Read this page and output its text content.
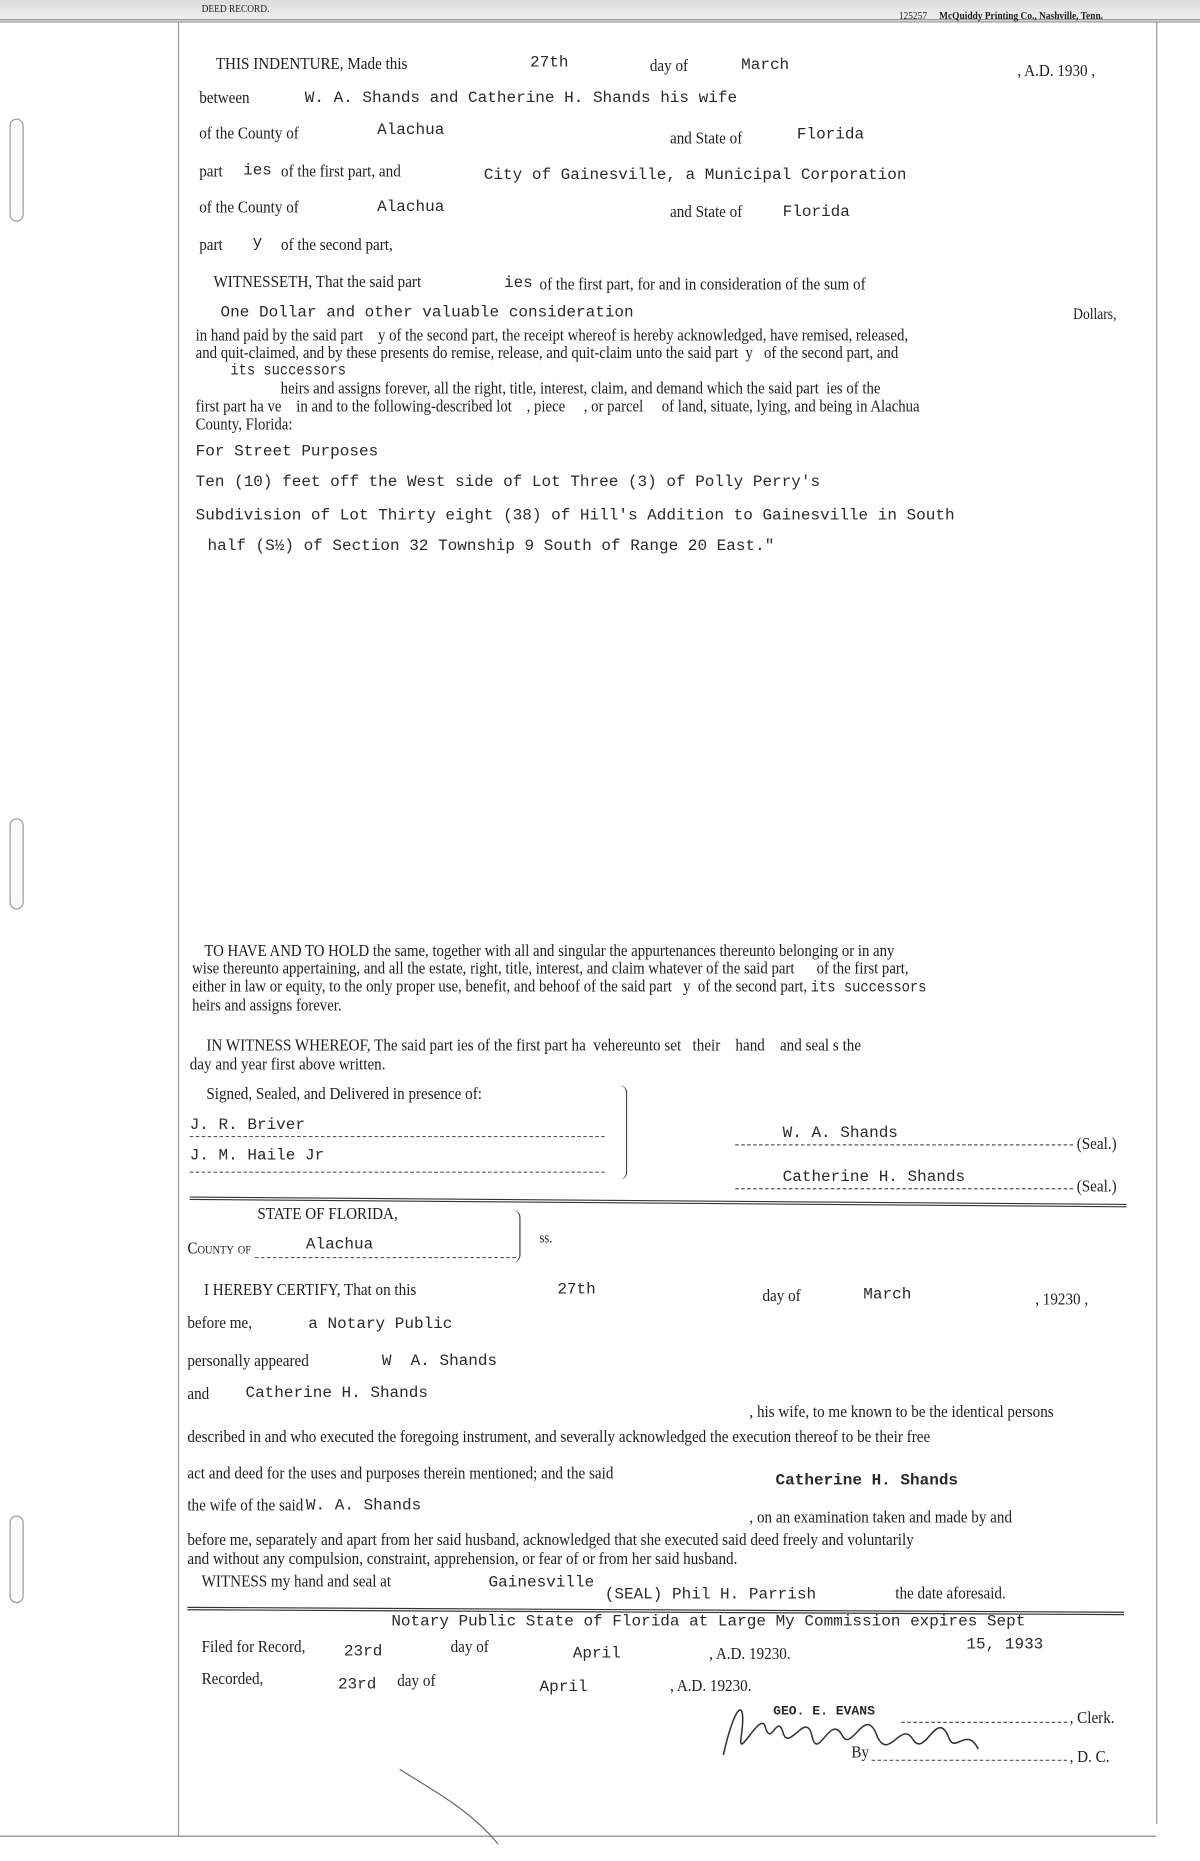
DEED RECORD.
125257 McQuiddy Printing Co., Nashville, Tenn.
THIS INDENTURE, Made this	27th	day of	March	, A.D. 1930 ,
between	W. A. Shands and Catherine H. Shands his wife
of the County of	Alachua	and State of	Florida
part ies of the first part, and	City of Gainesville, a Municipal Corporation
of the County of	Alachua	and State of	Florida
part y of the second part,
WITNESSETH, That the said part	ies of the first part, for and in consideration of the sum of
One Dollar and other valuable consideration	Dollars,
in hand paid by the said part    y of the second part, the receipt whereof is hereby acknowledged, have remised, released,
and quit-claimed, and by these presents do remise, release, and quit-claim unto the said part  y   of the second part, and
its successors
heirs and assigns forever, all the right, title, interest, claim, and demand which the said part  ies of the
first part ha ve    in and to the following-described lot    , piece     , or parcel     of land, situate, lying, and being in Alachua
County, Florida:
For Street Purposes
Ten (10) feet off the West side of Lot Three (3) of Polly Perry's
Subdivision of Lot Thirty eight (38) of Hill's Addition to Gainesville in South
half (S½) of Section 32 Township 9 South of Range 20 East."
TO HAVE AND TO HOLD the same, together with all and singular the appurtenances thereunto belonging or in any
wise thereunto appertaining, and all the estate, right, title, interest, and claim whatever of the said part      of the first part,
either in law or equity, to the only proper use, benefit, and behoof of the said part   y  of the second part, its successors
heirs and assigns forever.
IN WITNESS WHEREOF, The said part ies of the first part ha  vehereunto set   their    hand    and seal s the
day and year first above written.
Signed, Sealed, and Delivered in presence of:
J. R. Briver
J. M. Haile Jr
W. A. Shands
(Seal.)
Catherine H. Shands	(Seal.)
STATE OF FLORIDA,
County of	Alachua	ss.
I HEREBY CERTIFY, That on this	27th	day of	March	, 19230 ,
before me,	a Notary Public
personally appeared	W  A. Shands
and	Catherine H. Shands
, his wife, to me known to be the identical persons
described in and who executed the foregoing instrument, and severally acknowledged the execution thereof to be their free
act and deed for the uses and purposes therein mentioned; and the said	Catherine H. Shands
the wife of the said W. A. Shands
, on an examination taken and made by and
before me, separately and apart from her said husband, acknowledged that she executed said deed freely and voluntarily
and without any compulsion, constraint, apprehension, or fear of or from her said husband.
WITNESS my hand and seal at	Gainesville
(SEAL) Phil H. Parrish	the date aforesaid.
Notary Public State of Florida at Large My Commission expires Sept
15, 1933
Filed for Record,	23rd	day of	April	, A.D. 19230.
Recorded,	23rd day of	April	, A.D. 19230.
GEO. E. EVANS	, Clerk.
By	, D. C.
